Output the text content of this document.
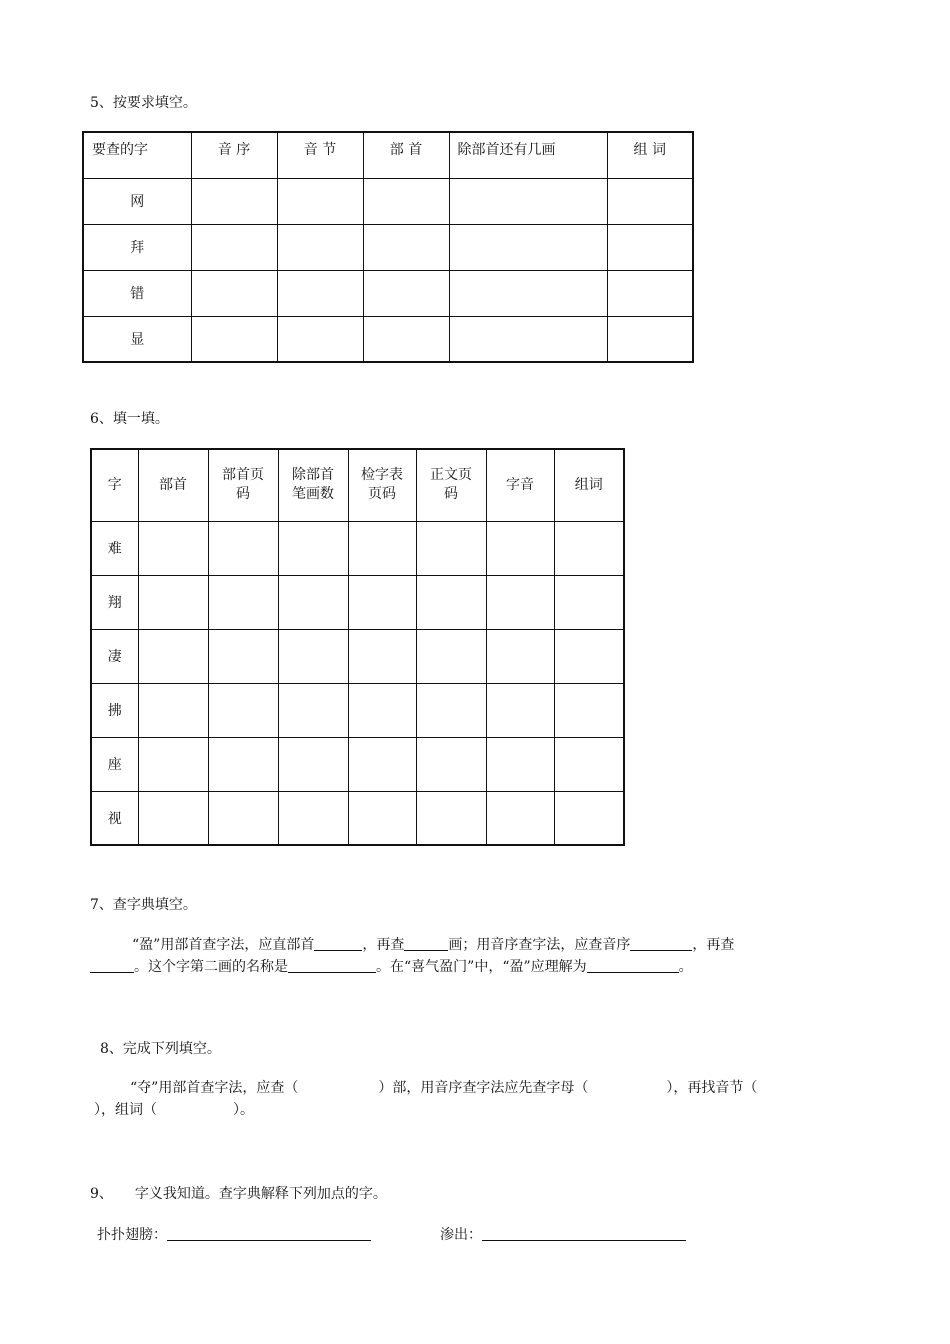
5、按要求填空。
要查的字	音 序	音 节	部 首	除部首还有几画	组 词
网					
拜					
错					
显					
6、填一填。
字	部首	部首页码	除部首笔画数	检字表页码	正文页码	字音	组词
难							
翔							
凄							
拂							
座							
视							
7、查字典填空。
“盈”用部首查字法，应直部首	，再查	画；用音序查字法，应查音序	，再查
。这个字第二画的名称是	。在“喜气盈门”中，“盈”应理解为	。
8、完成下列填空。
“夺”用部首查字法，应查（	）部，用音序查字法应先查字母（	），再找音节（
），组词（	）。
9、 字义我知道。查字典解释下列加点的字。
扑扑翅膀：	渗出：
